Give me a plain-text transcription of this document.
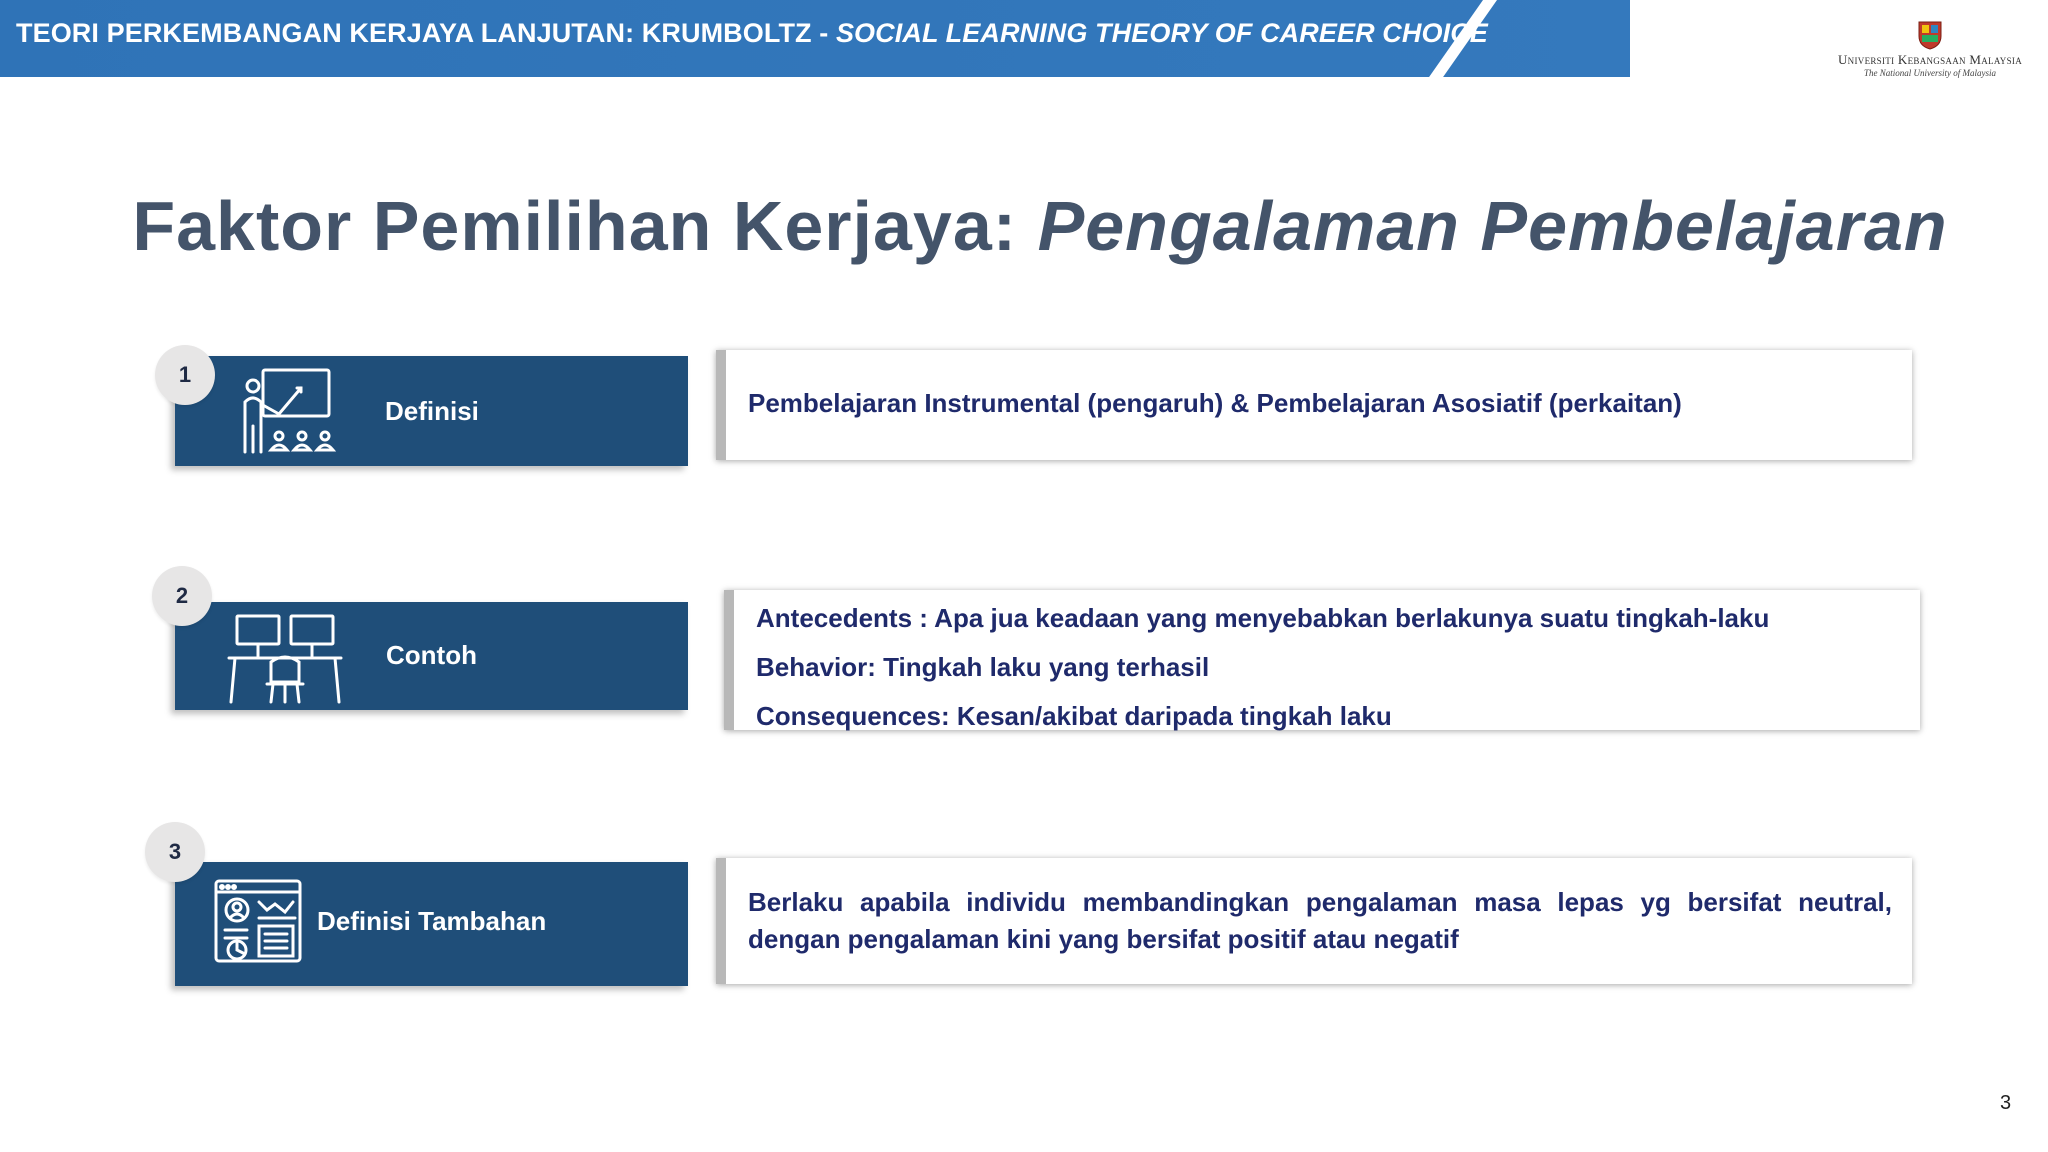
TEORI PERKEMBANGAN KERJAYA LANJUTAN: KRUMBOLTZ - SOCIAL LEARNING THEORY OF CAREER CHOICE
Universiti Kebangsaan Malaysia
The National University of Malaysia
Faktor Pemilihan Kerjaya: Pengalaman Pembelajaran
Definisi
1

Pembelajaran Instrumental (pengaruh) & Pembelajaran Asosiatif (perkaitan)

Contoh
2

Antecedents : Apa jua keadaan yang menyebabkan berlakunya suatu tingkah-laku

Behavior: Tingkah laku yang terhasil

Consequences: Kesan/akibat daripada tingkah laku

Definisi Tambahan
3

Berlaku apabila individu membandingkan pengalaman masa lepas yg bersifat neutral, dengan pengalaman kini yang bersifat positif atau negatif

3
